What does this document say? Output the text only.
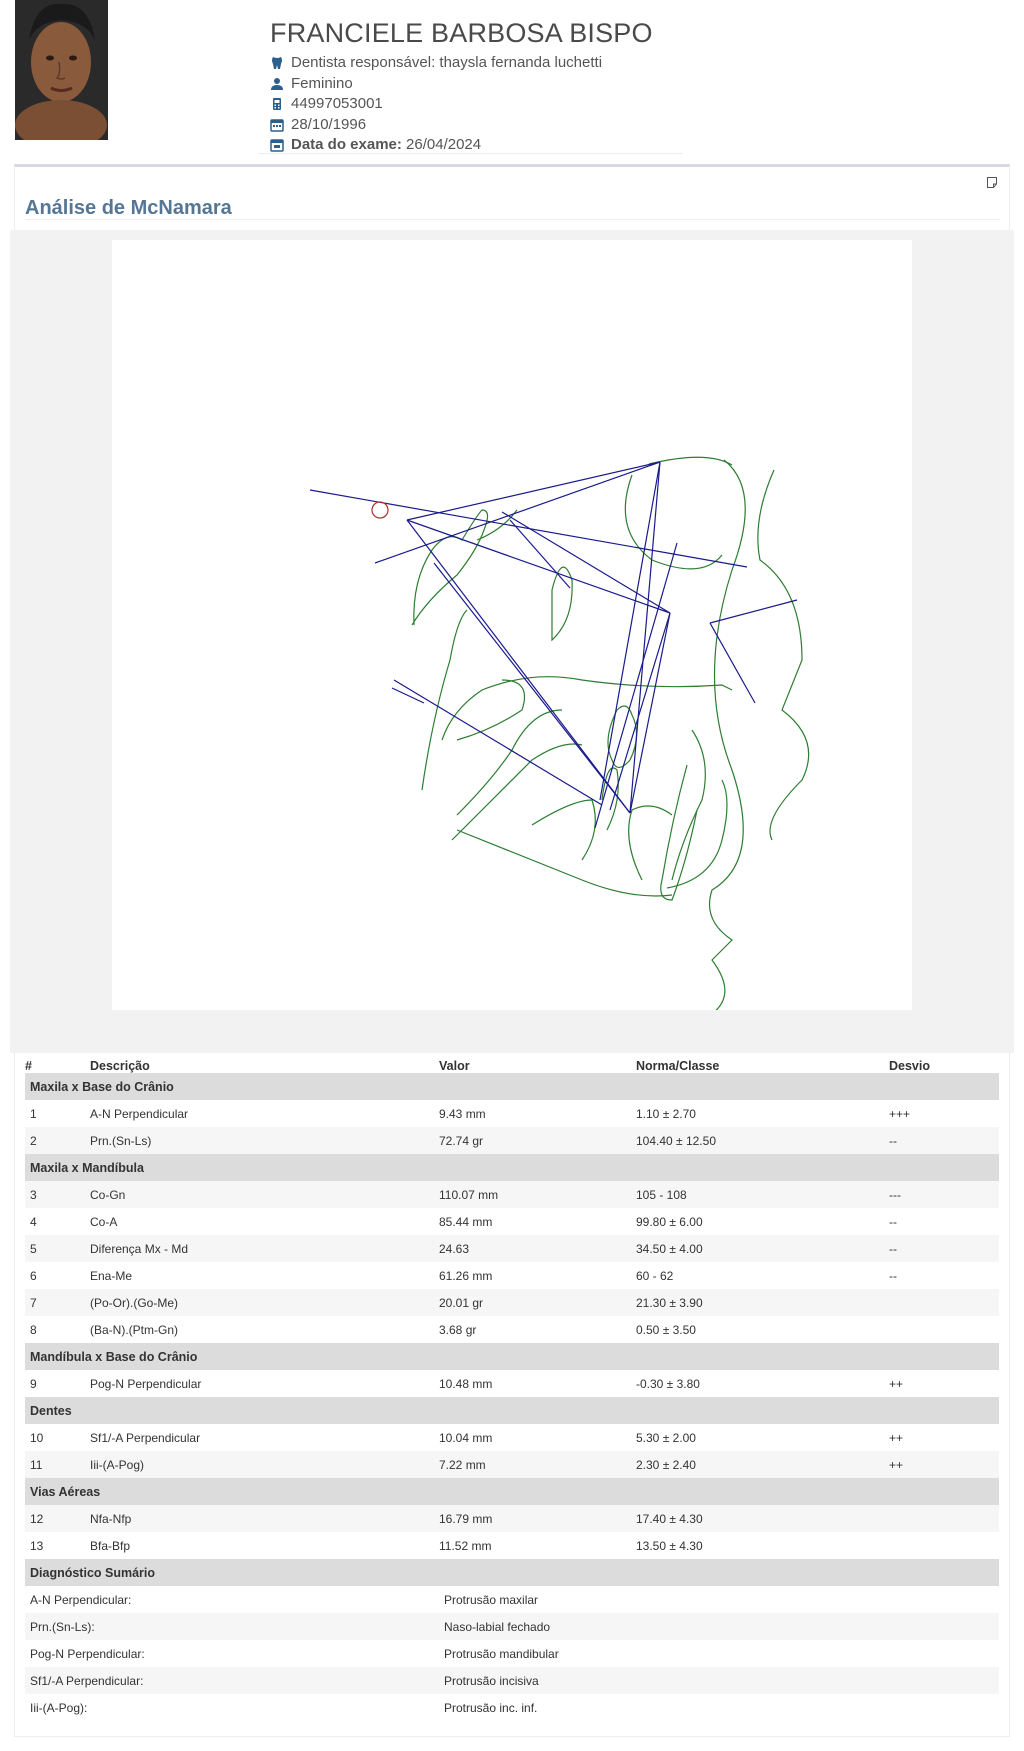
FRANCIELE BARBOSA BISPO
Dentista responsável:
thaysla fernanda luchetti
Feminino
44997053001
28/10/1996
Data do exame:
26/04/2024
Análise de McNamara
#	Descrição	Valor	Norma/Classe	Desvio
Maxila x Base do Crânio				
1	A-N Perpendicular	9.43 mm	1.10 ± 2.70	+++
2	Prn.(Sn-Ls)	72.74 gr	104.40 ± 12.50	--
Maxila x Mandíbula				
3	Co-Gn	110.07 mm	105 - 108	---
4	Co-A	85.44 mm	99.80 ± 6.00	--
5	Diferença Mx - Md	24.63	34.50 ± 4.00	--
6	Ena-Me	61.26 mm	60 - 62	--
7	(Po-Or).(Go-Me)	20.01 gr	21.30 ± 3.90	
8	(Ba-N).(Ptm-Gn)	3.68 gr	0.50 ± 3.50	
Mandíbula x Base do Crânio				
9	Pog-N Perpendicular	10.48 mm	-0.30 ± 3.80	++
Dentes				
10	Sf1/-A Perpendicular	10.04 mm	5.30 ± 2.00	++
11	Iii-(A-Pog)	7.22 mm	2.30 ± 2.40	++
Vias Aéreas				
12	Nfa-Nfp	16.79 mm	17.40 ± 4.30	
13	Bfa-Bfp	11.52 mm	13.50 ± 4.30	
Diagnóstico Sumário				
A-N Perpendicular:		Protrusão maxilar		
Prn.(Sn-Ls):		Naso-labial fechado		
Pog-N Perpendicular:		Protrusão mandibular		
Sf1/-A Perpendicular:		Protrusão incisiva		
Iii-(A-Pog):		Protrusão inc. inf.		
